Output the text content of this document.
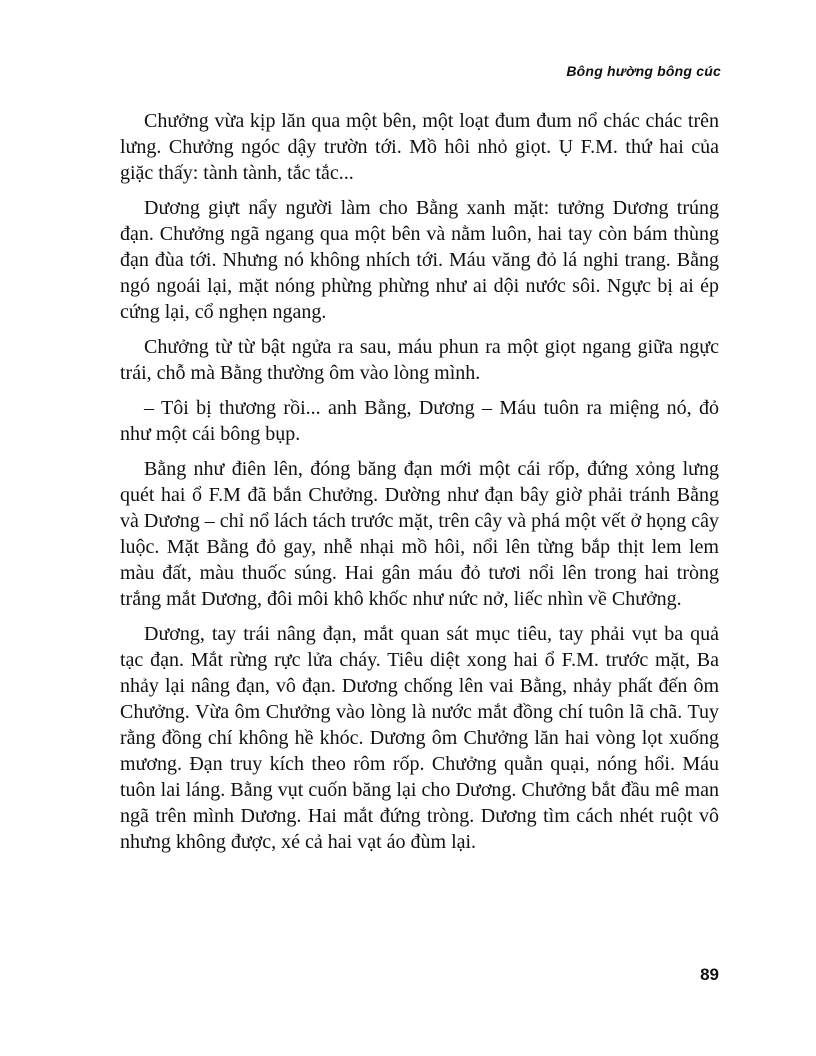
Bông hường bông cúc

Chưởng vừa kịp lăn qua một bên, một loạt đum đum nổ chác chác trên lưng. Chưởng ngóc dậy trườn tới. Mồ hôi nhỏ giọt. Ụ F.M. thứ hai của giặc thấy: tành tành, tắc tắc...

Dương giựt nẩy người làm cho Bằng xanh mặt: tưởng Dương trúng đạn. Chưởng ngã ngang qua một bên và nằm luôn, hai tay còn bám thùng đạn đùa tới. Nhưng nó không nhích tới. Máu văng đỏ lá nghi trang. Bằng ngó ngoái lại, mặt nóng phừng phừng như ai dội nước sôi. Ngực bị ai ép cứng lại, cổ nghẹn ngang.

Chưởng từ từ bật ngửa ra sau, máu phun ra một giọt ngang giữa ngực trái, chỗ mà Bằng thường ôm vào lòng mình.

– Tôi bị thương rồi... anh Bằng, Dương – Máu tuôn ra miệng nó, đỏ như một cái bông bụp.

Bằng như điên lên, đóng băng đạn mới một cái rốp, đứng xỏng lưng quét hai ổ F.M đã bắn Chưởng. Dường như đạn bây giờ phải tránh Bằng và Dương – chỉ nổ lách tách trước mặt, trên cây và phá một vết ở họng cây luộc. Mặt Bằng đỏ gay, nhễ nhại mồ hôi, nổi lên từng bắp thịt lem lem màu đất, màu thuốc súng. Hai gân máu đỏ tươi nổi lên trong hai tròng trắng mắt Dương, đôi môi khô khốc như nức nở, liếc nhìn về Chưởng.

Dương, tay trái nâng đạn, mắt quan sát mục tiêu, tay phải vụt ba quả tạc đạn. Mắt rừng rực lửa cháy. Tiêu diệt xong hai ổ F.M. trước mặt, Ba nhảy lại nâng đạn, vô đạn. Dương chống lên vai Bằng, nhảy phất đến ôm Chưởng. Vừa ôm Chưởng vào lòng là nước mắt đồng chí tuôn lã chã. Tuy rằng đồng chí không hề khóc. Dương ôm Chưởng lăn hai vòng lọt xuống mương. Đạn truy kích theo rôm rốp. Chưởng quằn quại, nóng hổi. Máu tuôn lai láng. Bằng vụt cuốn băng lại cho Dương. Chưởng bắt đầu mê man ngã trên mình Dương. Hai mắt đứng tròng. Dương tìm cách nhét ruột vô nhưng không được, xé cả hai vạt áo đùm lại.

89
